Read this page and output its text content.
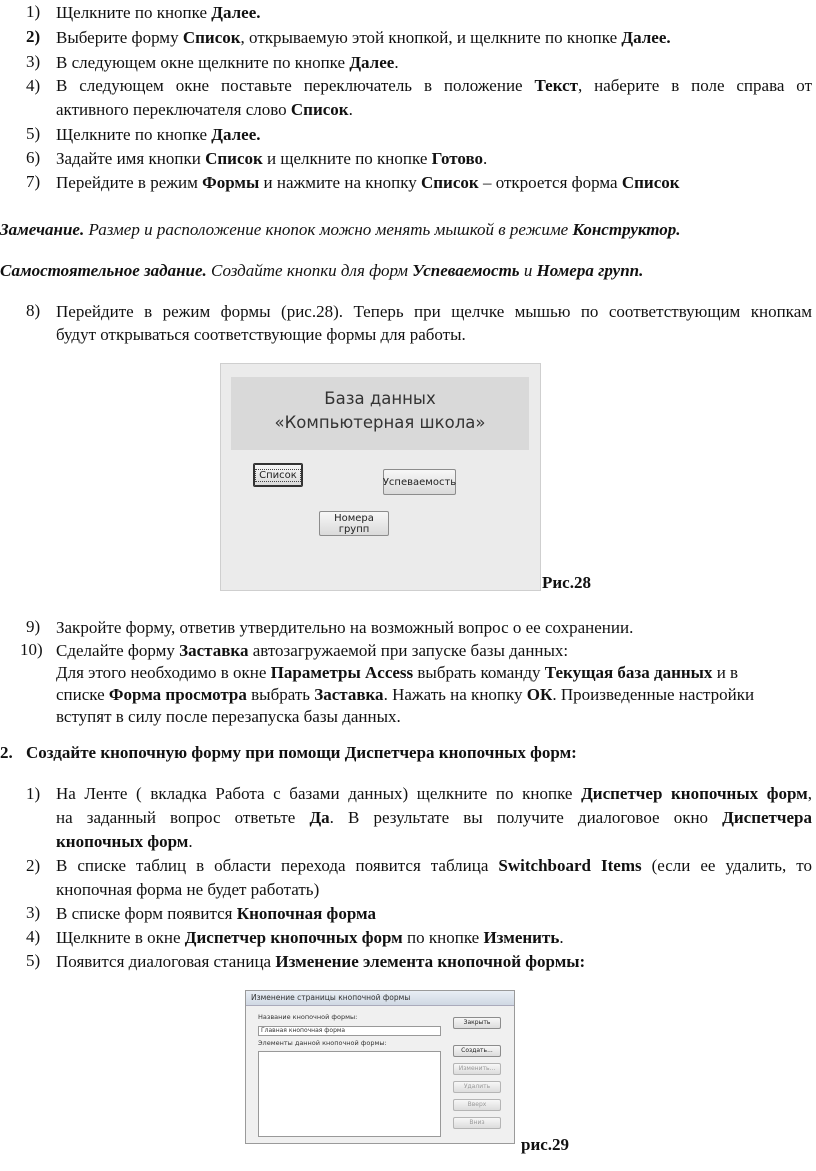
1) Щелкните по кнопке Далее.
2) Выберите форму Список, открываемую этой кнопкой, и щелкните по кнопке Далее.
3) В следующем окне щелкните по кнопке Далее.
4) В следующем окне поставьте переключатель в положение Текст, наберите в поле справа от
активного переключателя слово Список.
5) Щелкните по кнопке Далее.
6) Задайте имя кнопки Список и щелкните по кнопке Готово.
7) Перейдите в режим Формы и нажмите на кнопку Список – откроется форма Список
Замечание. Размер и расположение кнопок можно менять мышкой в режиме Конструктор.
Самостоятельное задание. Создайте кнопки для форм Успеваемость и Номера групп.
8) Перейдите в режим формы (рис.28). Теперь при щелчке мышью по соответствующим кнопкам
будут открываться соответствующие формы для работы.
База данных
«Компьютерная школа»
Список
Успеваемость
Номера групп
Рис.28
9) Закройте форму, ответив утвердительно на возможный вопрос о ее сохранении.
10) Сделайте форму Заставка автозагружаемой при запуске базы данных:
Для этого необходимо в окне Параметры Access выбрать команду Текущая база данных и в
списке Форма просмотра выбрать Заставка. Нажать на кнопку ОК. Произведенные настройки
вступят в силу после перезапуска базы данных.
2. Создайте кнопочную форму при помощи Диспетчера кнопочных форм:
1) На Ленте ( вкладка Работа с базами данных) щелкните по кнопке Диспетчер кнопочных форм,
на заданный вопрос ответьте Да. В результате вы получите диалоговое окно Диспетчера
кнопочных форм.
2) В списке таблиц в области перехода появится таблица Switchboard Items (если ее удалить, то
кнопочная форма не будет работать)
3) В списке форм появится Кнопочная форма
4) Щелкните в окне Диспетчер кнопочных форм по кнопке Изменить.
5) Появится диалоговая станица Изменение элемента кнопочной формы:
Изменение страницы кнопочной формы
Название кнопочной формы:
Главная кнопочная форма
Элементы данной кнопочной формы:
Закрыть
Создать...
Изменить...
Удалить
Вверх
Вниз
рис.29
